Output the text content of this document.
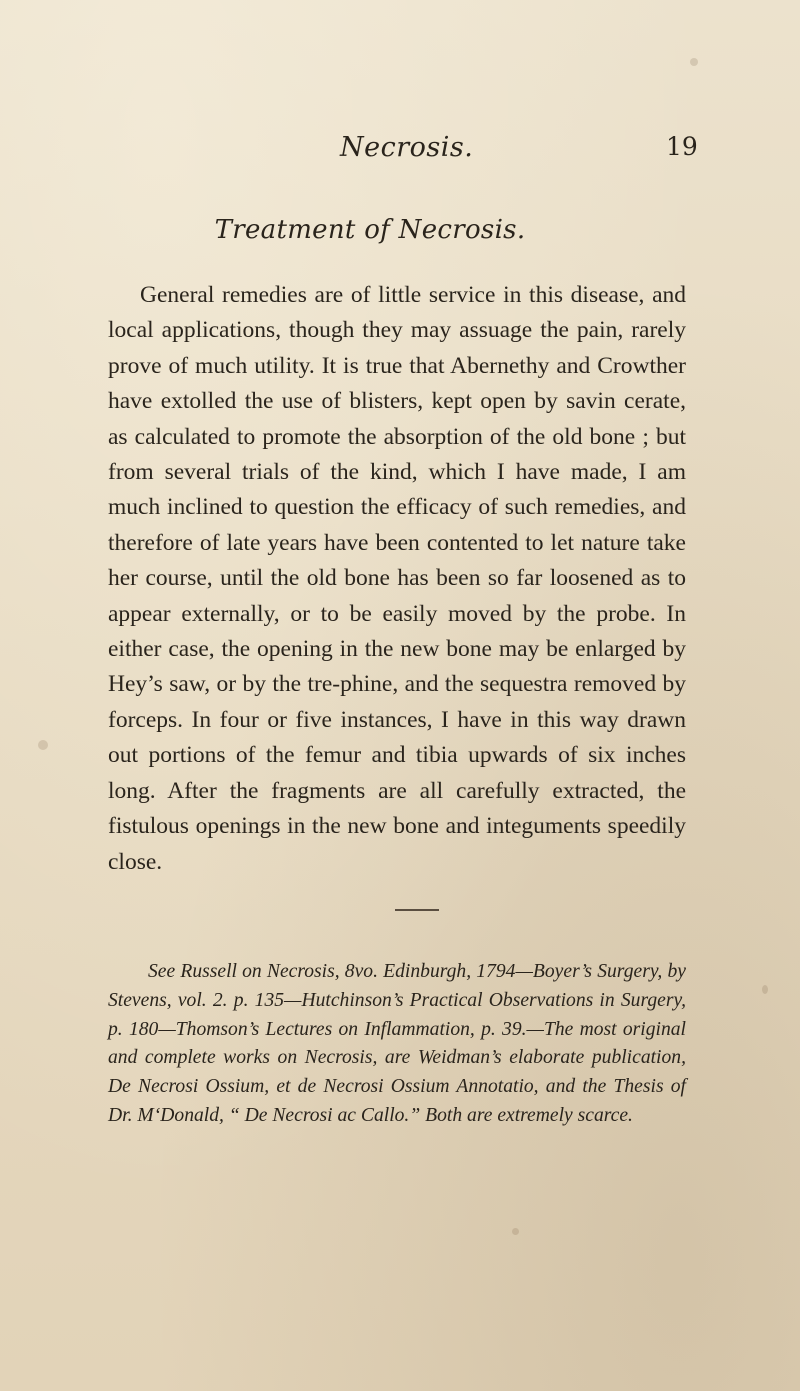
Necrosis.	19
Treatment of Necrosis.

General remedies are of little service in this disease, and local applications, though they may assuage the pain, rarely prove of much utility. It is true that Abernethy and Crowther have extolled the use of blisters, kept open by savin cerate, as calculated to promote the absorption of the old bone ; but from several trials of the kind, which I have made, I am much inclined to question the efficacy of such remedies, and therefore of late years have been contented to let nature take her course, until the old bone has been so far loosened as to appear externally, or to be easily moved by the probe. In either case, the opening in the new bone may be enlarged by Hey’s saw, or by the tre-phine, and the sequestra removed by forceps. In four or five instances, I have in this way drawn out portions of the femur and tibia upwards of six inches long. After the fragments are all carefully extracted, the fistulous openings in the new bone and integuments speedily close.

See Russell on Necrosis, 8vo. Edinburgh, 1794—Boyer’s Surgery, by Stevens, vol. 2. p. 135—Hutchinson’s Practical Observations in Surgery, p. 180—Thomson’s Lectures on Inflammation, p. 39.—The most original and complete works on Necrosis, are Weidman’s elaborate publication, De Necrosi Ossium, et de Necrosi Ossium Annotatio, and the Thesis of Dr. M‘Donald, “ De Necrosi ac Callo.” Both are extremely scarce.
